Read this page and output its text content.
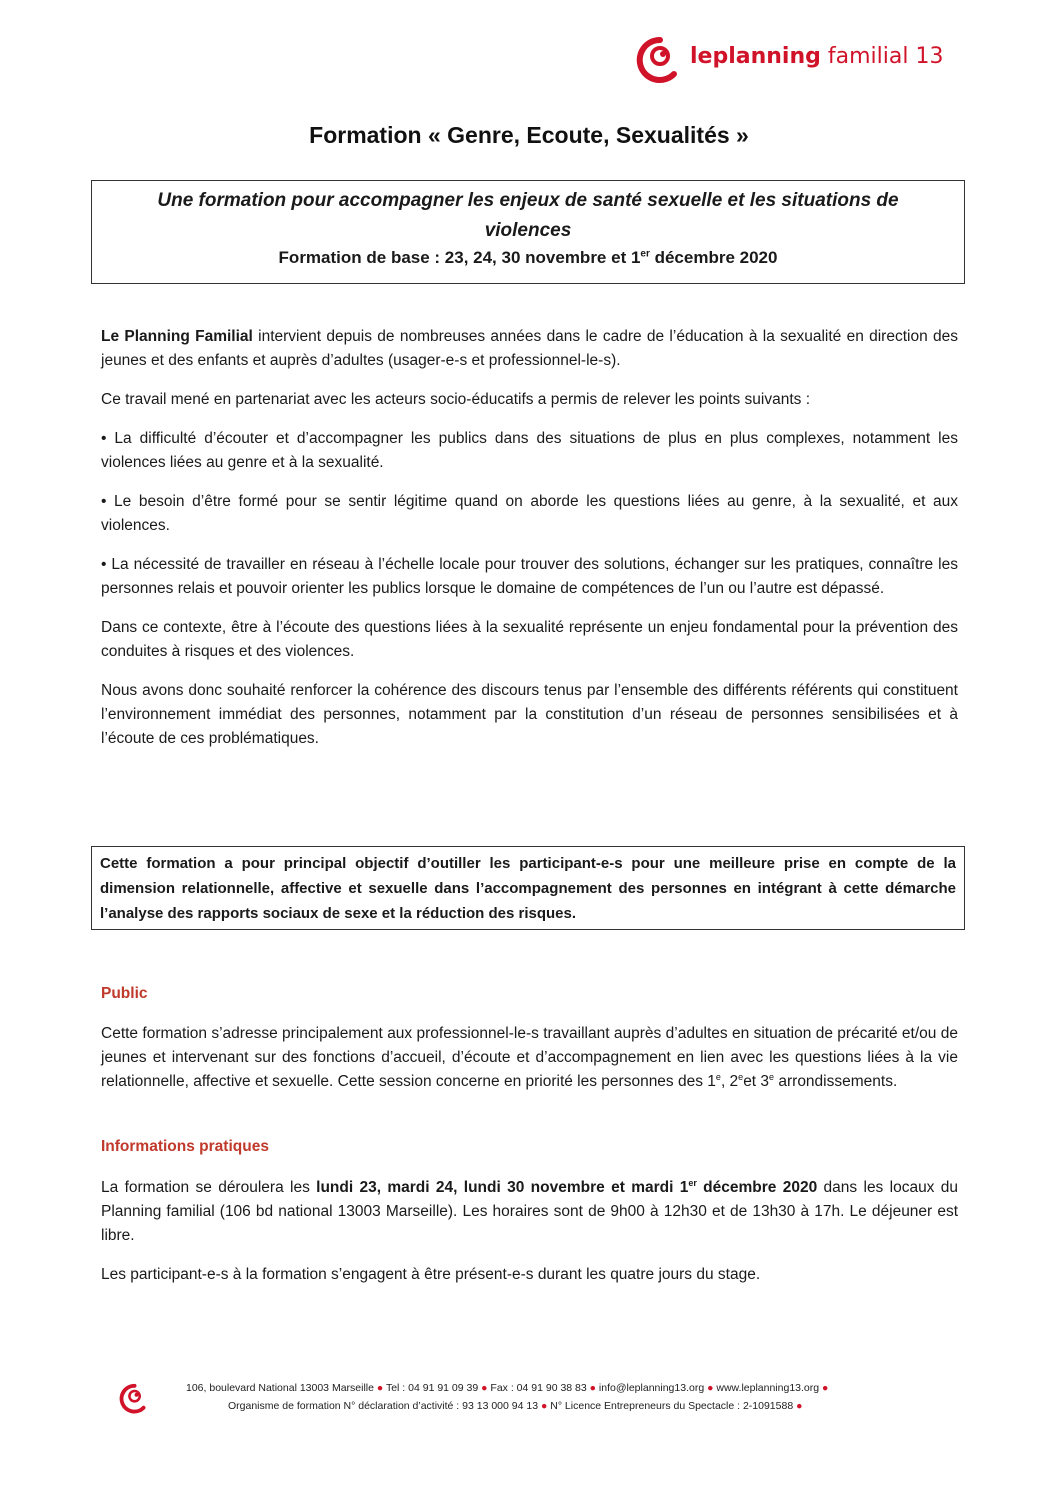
leplanning familial 13
Formation « Genre, Ecoute, Sexualités »
Une formation pour accompagner les enjeux de santé sexuelle et les situations de violences
Formation de base : 23, 24, 30 novembre et 1er décembre 2020

Le Planning Familial intervient depuis de nombreuses années dans le cadre de l’éducation à la sexualité en direction des jeunes et des enfants et auprès d’adultes (usager-e-s et professionnel-le-s).

Ce travail mené en partenariat avec les acteurs socio-éducatifs a permis de relever les points suivants :

• La difficulté d’écouter et d’accompagner les publics dans des situations de plus en plus complexes, notamment les violences liées au genre et à la sexualité.

• Le besoin d’être formé pour se sentir légitime quand on aborde les questions liées au genre, à la sexualité, et aux violences.

• La nécessité de travailler en réseau à l’échelle locale pour trouver des solutions, échanger sur les pratiques, connaître les personnes relais et pouvoir orienter les publics lorsque le domaine de compétences de l’un ou l’autre est dépassé.

Dans ce contexte, être à l’écoute des questions liées à la sexualité représente un enjeu fondamental pour la prévention des conduites à risques et des violences.

Nous avons donc souhaité renforcer la cohérence des discours tenus par l’ensemble des différents référents qui constituent l’environnement immédiat des personnes, notamment par la constitution d’un réseau de personnes sensibilisées et à l’écoute de ces problématiques.

Cette formation a pour principal objectif d’outiller les participant-e-s pour une meilleure prise en compte de la dimension relationnelle, affective et sexuelle dans l’accompagnement des personnes en intégrant à cette démarche l’analyse des rapports sociaux de sexe et la réduction des risques.
Public

Cette formation s’adresse principalement aux professionnel-le-s travaillant auprès d’adultes en situation de précarité et/ou de jeunes et intervenant sur des fonctions d’accueil, d’écoute et d’accompagnement en lien avec les questions liées à la vie relationnelle, affective et sexuelle. Cette session concerne en priorité les personnes des 1e, 2eet 3e arrondissements.

Informations pratiques

La formation se déroulera les lundi 23, mardi 24, lundi 30 novembre et mardi 1er décembre 2020 dans les locaux du Planning familial (106 bd national 13003 Marseille). Les horaires sont de 9h00 à 12h30 et de 13h30 à 17h. Le déjeuner est libre.

Les participant-e-s à la formation s’engagent à être présent-e-s durant les quatre jours du stage.

106, boulevard National 13003 Marseille ● Tel : 04 91 91 09 39 ● Fax : 04 91 90 38 83 ● info@leplanning13.org ● www.leplanning13.org ●
Organisme de formation N° déclaration d’activité : 93 13 000 94 13 ● N° Licence Entrepreneurs du Spectacle : 2-1091588 ●
